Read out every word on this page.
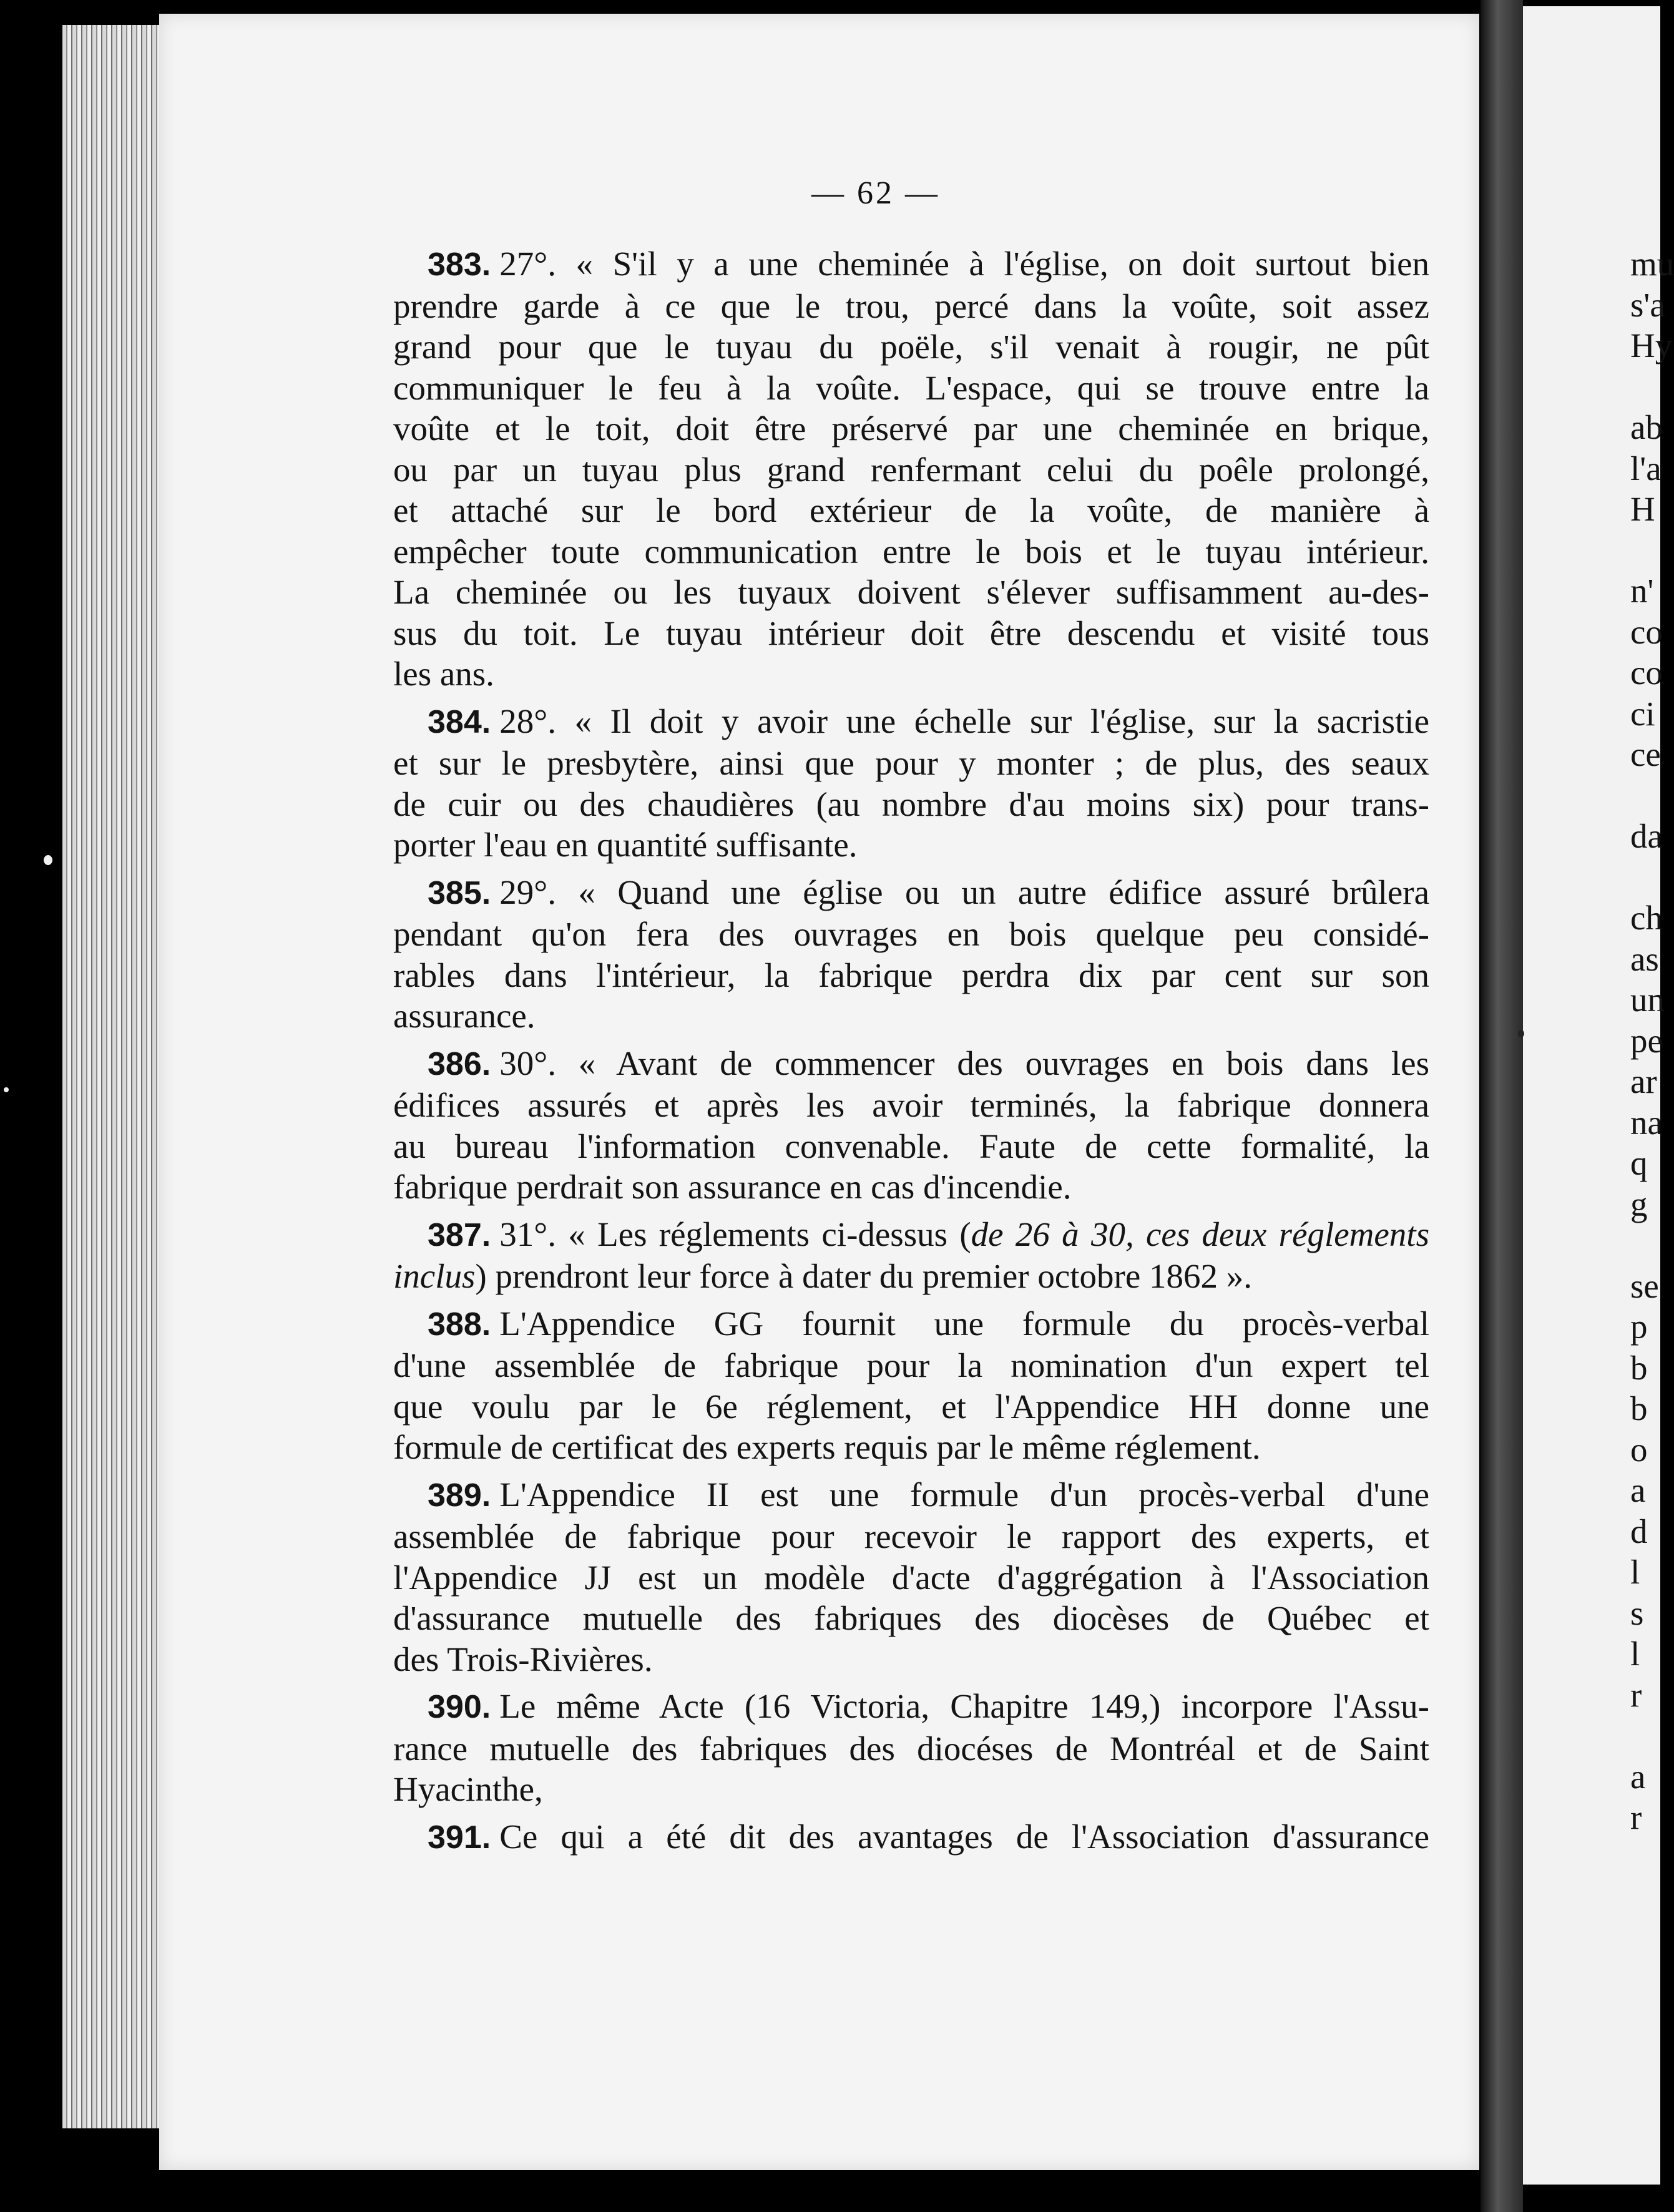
— 62 —
383. 27°. « S'il y a une cheminée à l'église, on doit surtout bien
prendre garde à ce que le trou, percé dans la voûte, soit assez
grand pour que le tuyau du poële, s'il venait à rougir, ne pût
communiquer le feu à la voûte. L'espace, qui se trouve entre la
voûte et le toit, doit être préservé par une cheminée en brique,
ou par un tuyau plus grand renfermant celui du poêle prolongé,
et attaché sur le bord extérieur de la voûte, de manière à
empêcher toute communication entre le bois et le tuyau intérieur.
La cheminée ou les tuyaux doivent s'élever suffisamment au-des-
sus du toit. Le tuyau intérieur doit être descendu et visité tous
les ans.
384. 28°. « Il doit y avoir une échelle sur l'église, sur la sacristie
et sur le presbytère, ainsi que pour y monter ; de plus, des seaux
de cuir ou des chaudières (au nombre d'au moins six) pour trans-
porter l'eau en quantité suffisante.
385. 29°. « Quand une église ou un autre édifice assuré brûlera
pendant qu'on fera des ouvrages en bois quelque peu considé-
rables dans l'intérieur, la fabrique perdra dix par cent sur son
assurance.
386. 30°. « Avant de commencer des ouvrages en bois dans les
édifices assurés et après les avoir terminés, la fabrique donnera
au bureau l'information convenable. Faute de cette formalité, la
fabrique perdrait son assurance en cas d'incendie.
387. 31°. « Les réglements ci-dessus (de 26 à 30, ces deux réglements
inclus) prendront leur force à dater du premier octobre 1862 ».
388. L'Appendice GG fournit une formule du procès-verbal
d'une assemblée de fabrique pour la nomination d'un expert tel
que voulu par le 6e réglement, et l'Appendice HH donne une
formule de certificat des experts requis par le même réglement.
389. L'Appendice II est une formule d'un procès-verbal d'une
assemblée de fabrique pour recevoir le rapport des experts, et
l'Appendice JJ est un modèle d'acte d'aggrégation à l'Association
d'assurance mutuelle des fabriques des diocèses de Québec et
des Trois-Rivières.
390. Le même Acte (16 Victoria, Chapitre 149,) incorpore l'Assu-
rance mutuelle des fabriques des diocéses de Montréal et de Saint
Hyacinthe,
391. Ce qui a été dit des avantages de l'Association d'assurance
mu
s'a
Hy
ab
l'a
H
n'
co
co
ci
ce
da
ch
as
un
pe
ar
na
q
g
se
p
b
b
o
a
d
l
s
l
r
a
r
